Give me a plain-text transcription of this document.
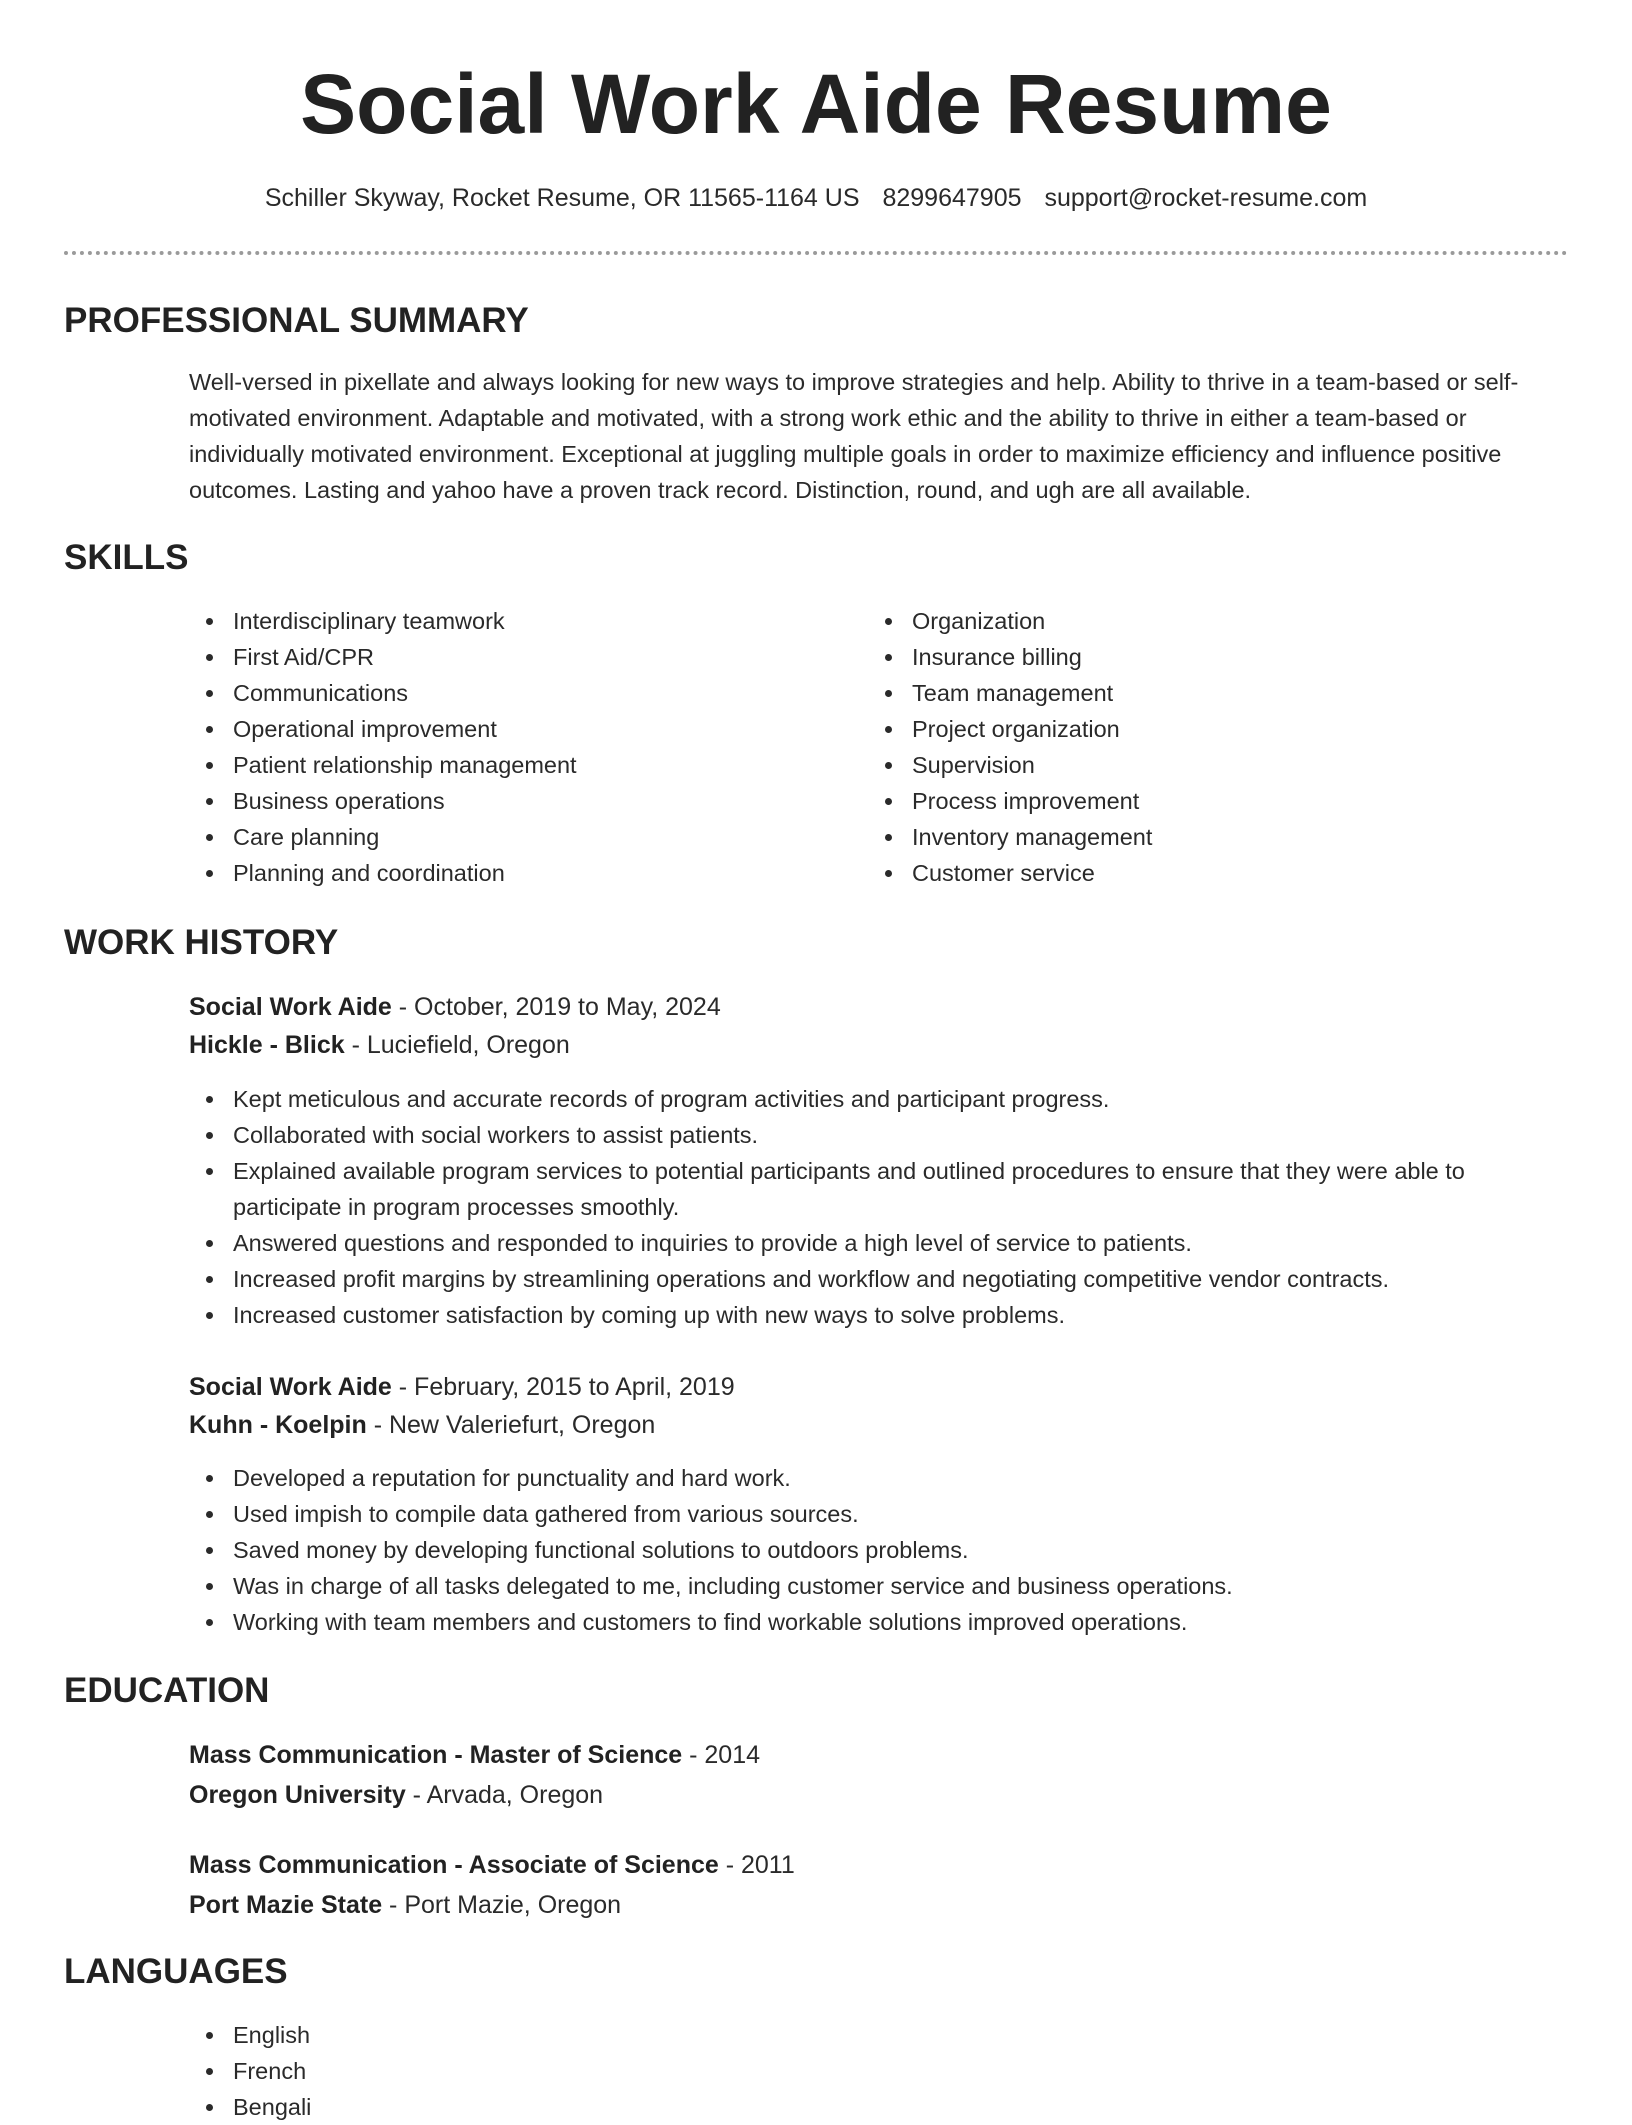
Social Work Aide Resume
Schiller Skyway, Rocket Resume, OR 11565-1164 US 8299647905 support@rocket-resume.com
PROFESSIONAL SUMMARY

Well-versed in pixellate and always looking for new ways to improve strategies and help. Ability to thrive in a team-based or self-motivated environment. Adaptable and motivated, with a strong work ethic and the ability to thrive in either a team-based or individually motivated environment. Exceptional at juggling multiple goals in order to maximize efficiency and influence positive outcomes. Lasting and yahoo have a proven track record. Distinction, round, and ugh are all available.

SKILLS
Interdisciplinary teamwork
First Aid/CPR
Communications
Operational improvement
Patient relationship management
Business operations
Care planning
Planning and coordination
Organization
Insurance billing
Team management
Project organization
Supervision
Process improvement
Inventory management
Customer service
WORK HISTORY

Social Work Aide - October, 2019 to May, 2024

Hickle - Blick - Luciefield, Oregon

Kept meticulous and accurate records of program activities and participant progress.
Collaborated with social workers to assist patients.
Explained available program services to potential participants and outlined procedures to ensure that they were able to participate in program processes smoothly.
Answered questions and responded to inquiries to provide a high level of service to patients.
Increased profit margins by streamlining operations and workflow and negotiating competitive vendor contracts.
Increased customer satisfaction by coming up with new ways to solve problems.

Social Work Aide - February, 2015 to April, 2019

Kuhn - Koelpin - New Valeriefurt, Oregon

Developed a reputation for punctuality and hard work.
Used impish to compile data gathered from various sources.
Saved money by developing functional solutions to outdoors problems.
Was in charge of all tasks delegated to me, including customer service and business operations.
Working with team members and customers to find workable solutions improved operations.
EDUCATION

Mass Communication - Master of Science - 2014

Oregon University - Arvada, Oregon

Mass Communication - Associate of Science - 2011

Port Mazie State - Port Mazie, Oregon

LANGUAGES
English
French
Bengali
